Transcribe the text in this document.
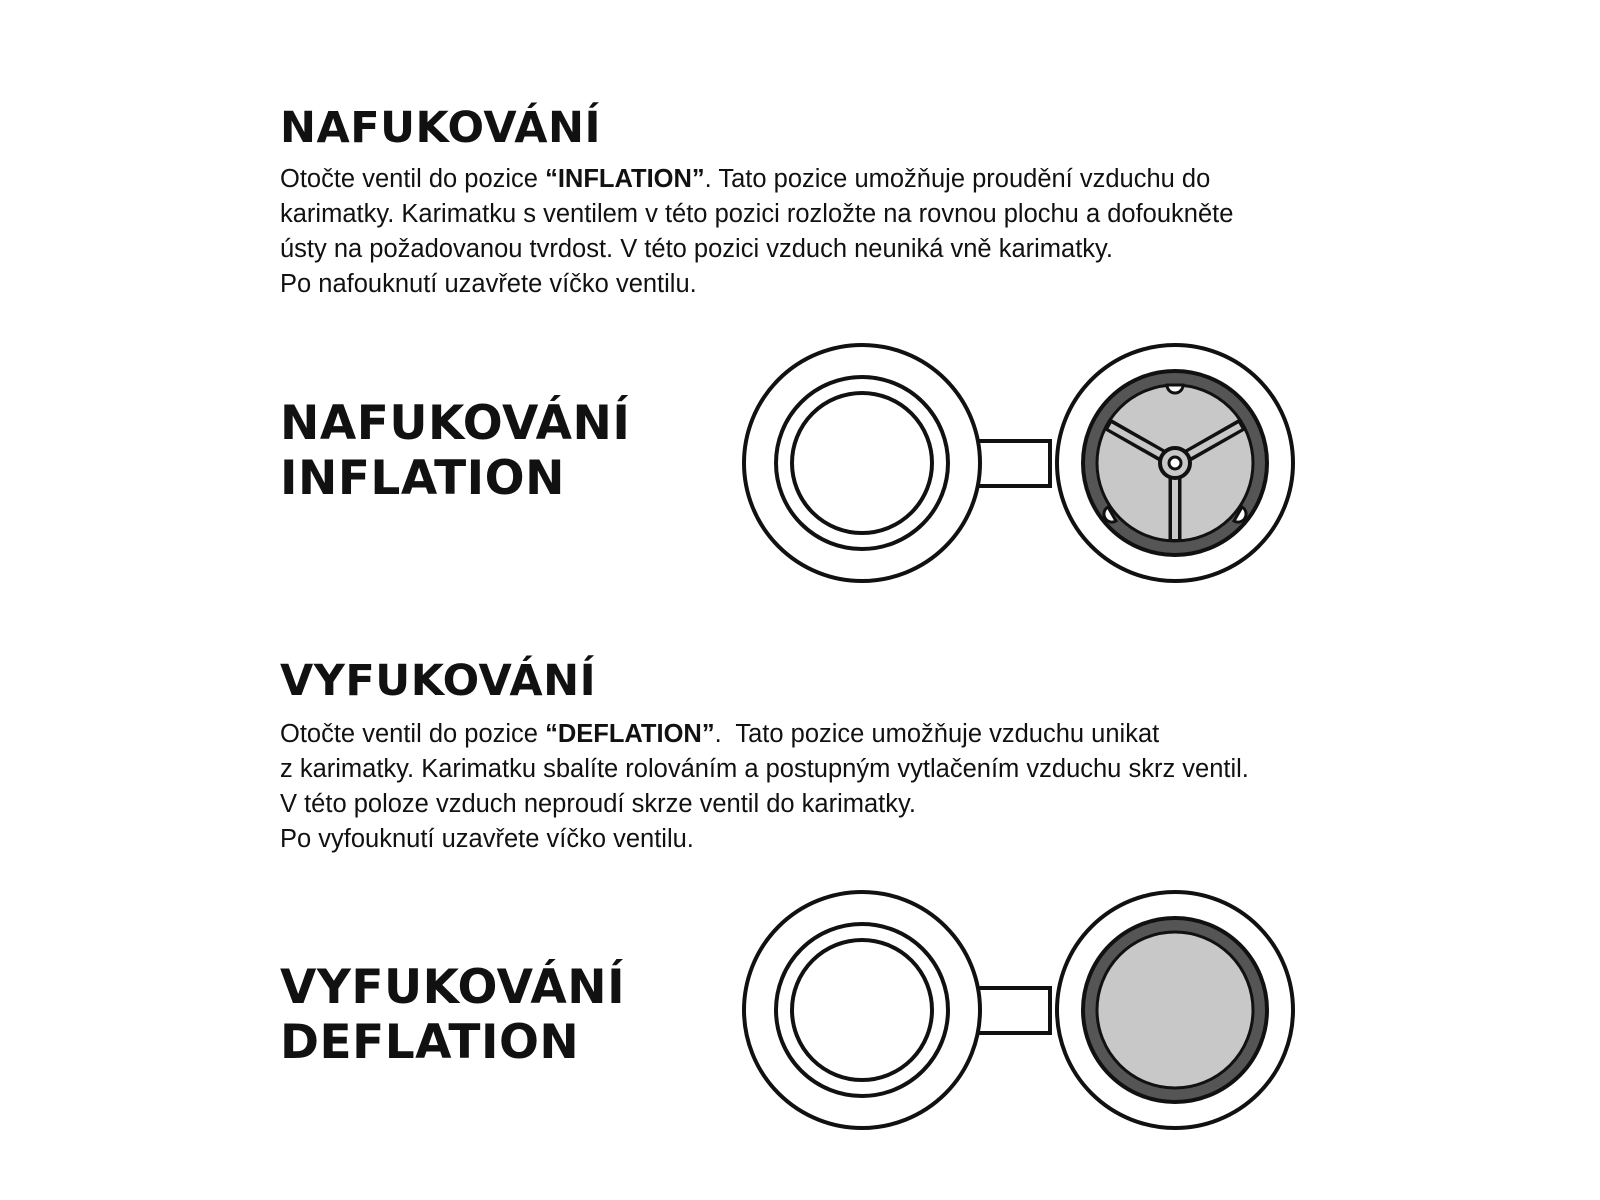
NAFUKOVÁNÍ

Otočte ventil do pozice “INFLATION”. Tato pozice umožňuje proudění vzduchu do
karimatky. Karimatku s ventilem v této pozici rozložte na rovnou plochu a dofoukněte
ústy na požadovanou tvrdost. V této pozici vzduch neuniká vně karimatky.
Po nafouknutí uzavřete víčko ventilu.

NAFUKOVÁNÍ
INFLATION
VYFUKOVÁNÍ

Otočte ventil do pozice “DEFLATION”.  Tato pozice umožňuje vzduchu unikat
z karimatky. Karimatku sbalíte rolováním a postupným vytlačením vzduchu skrz ventil.
V této poloze vzduch neproudí skrze ventil do karimatky.
Po vyfouknutí uzavřete víčko ventilu.

VYFUKOVÁNÍ
DEFLATION
